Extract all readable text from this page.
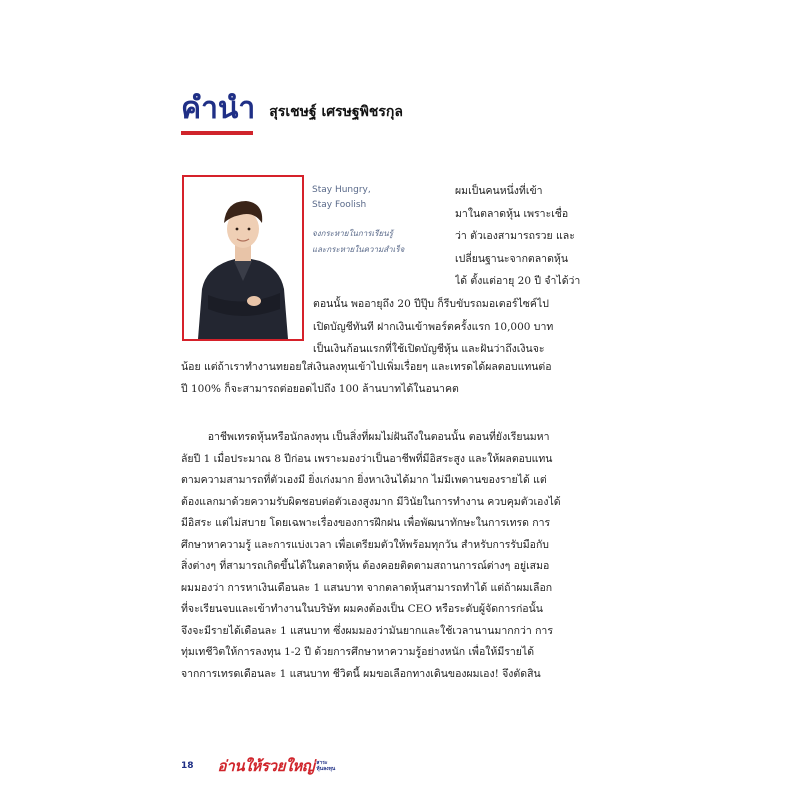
คำนำ สุรเชษฐ์ เศรษฐพิชรกุล
Stay Hungry,
Stay Foolish
จงกระหายในการเรียนรู้
และกระหายในความสำเร็จ
ผมเป็นคนหนึ่งที่เข้า
มาในตลาดหุ้น เพราะเชื่อ
ว่า ตัวเองสามารถรวย และ
เปลี่ยนฐานะจากตลาดหุ้น
ได้ ตั้งแต่อายุ 20 ปี จำได้ว่า
ตอนนั้น พออายุถึง 20 ปีปุ๊บ ก็รีบขับรถมอเตอร์ไซค์ไป
เปิดบัญชีทันที ฝากเงินเข้าพอร์ตครั้งแรก 10,000 บาท
เป็นเงินก้อนแรกที่ใช้เปิดบัญชีหุ้น และฝันว่าถึงเงินจะ
น้อย แต่ถ้าเราทำงานทยอยใส่เงินลงทุนเข้าไปเพิ่มเรื่อยๆ และเทรดได้ผลตอบแทนต่อ
ปี 100% ก็จะสามารถต่อยอดไปถึง 100 ล้านบาทได้ในอนาคต
อาชีพเทรดหุ้นหรือนักลงทุน เป็นสิ่งที่ผมไม่ฝันถึงในตอนนั้น ตอนที่ยังเรียนมหา
ลัยปี 1 เมื่อประมาณ 8 ปีก่อน เพราะมองว่าเป็นอาชีพที่มีอิสระสูง และให้ผลตอบแทน
ตามความสามารถที่ตัวเองมี ยิ่งเก่งมาก ยิ่งหาเงินได้มาก ไม่มีเพดานของรายได้ แต่
ต้องแลกมาด้วยความรับผิดชอบต่อตัวเองสูงมาก มีวินัยในการทำงาน ควบคุมตัวเองได้
มีอิสระ แต่ไม่สบาย โดยเฉพาะเรื่องของการฝึกฝน เพื่อพัฒนาทักษะในการเทรด การ
ศึกษาหาความรู้ และการแบ่งเวลา เพื่อเตรียมตัวให้พร้อมทุกวัน สำหรับการรับมือกับ
สิ่งต่างๆ ที่สามารถเกิดขึ้นได้ในตลาดหุ้น ต้องคอยติดตามสถานการณ์ต่างๆ อยู่เสมอ
ผมมองว่า การหาเงินเดือนละ 1 แสนบาท จากตลาดหุ้นสามารถทำได้ แต่ถ้าผมเลือก
ที่จะเรียนจบและเข้าทำงานในบริษัท ผมคงต้องเป็น CEO หรือระดับผู้จัดการก่อนั้น
จึงจะมีรายได้เดือนละ 1 แสนบาท ซึ่งผมมองว่ามันยากและใช้เวลานานมากกว่า การ
ทุ่มเทชีวิตให้การลงทุน 1-2 ปี ด้วยการศึกษาหาความรู้อย่างหนัก เพื่อให้มีรายได้
จากการเทรดเดือนละ 1 แสนบาท ชีวิตนี้ ผมขอเลือกทางเดินของผมเอง! จึงตัดสิน
18 อ่านให้รวยใหญ่ สาระ
หุ้นลงทุน
